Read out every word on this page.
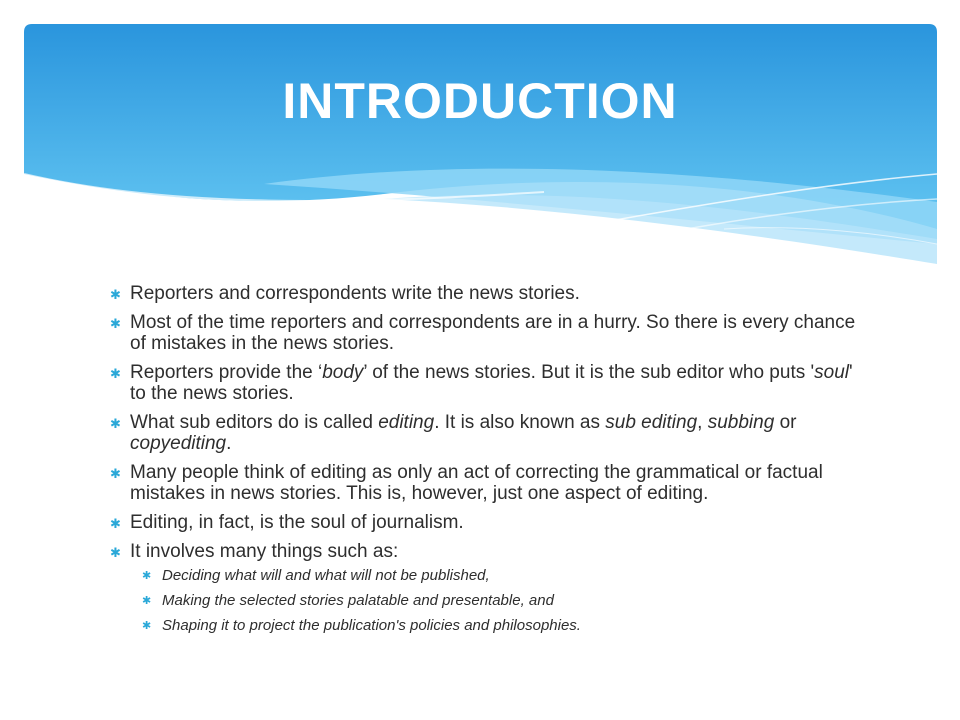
INTRODUCTION
✱ Reporters and correspondents write the news stories.
✱ Most of the time reporters and correspondents are in a hurry. So there is every chance of mistakes in the news stories.
✱ Reporters provide the ‘body’ of the news stories. But it is the sub editor who puts 'soul' to the news stories.
✱ What sub editors do is called editing. It is also known as sub editing, subbing or copyediting.
✱ Many people think of editing as only an act of correcting the grammatical or factual mistakes in news stories. This is, however, just one aspect of editing.
✱ Editing, in fact, is the soul of journalism.
✱ It involves many things such as:
✱ Deciding what will and what will not be published,
✱ Making the selected stories palatable and presentable, and
✱ Shaping it to project the publication's policies and philosophies.
